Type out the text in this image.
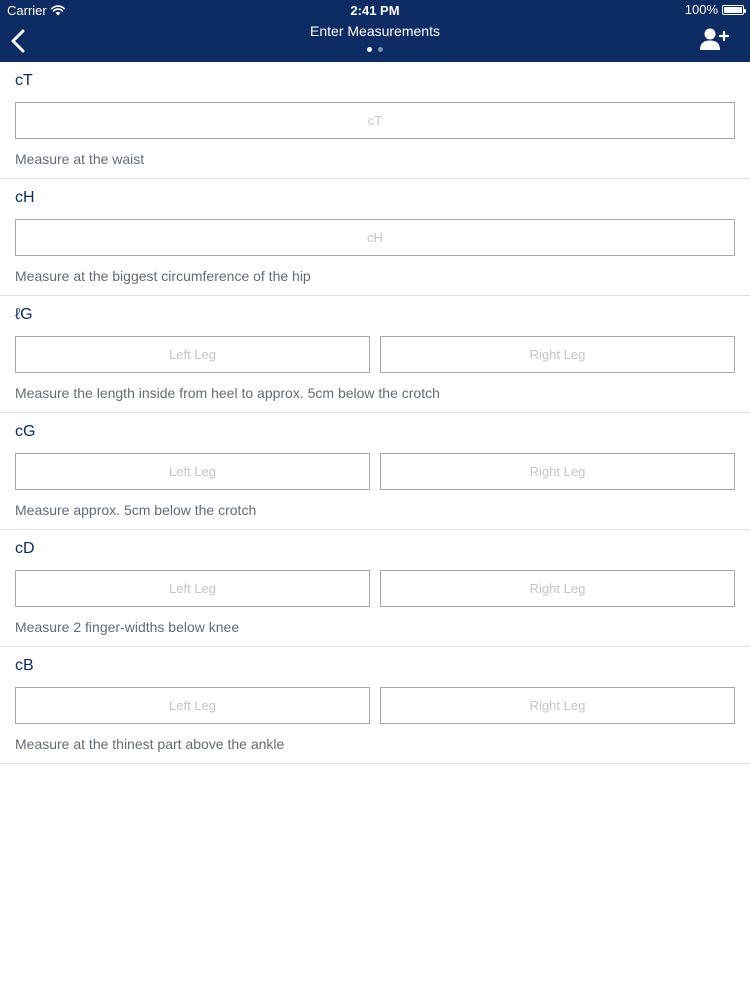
Carrier	2:41 PM	100%
Enter Measurements
cT
cT
Measure at the waist
cH
cH
Measure at the biggest circumference of the hip
ℓG
Left Leg
Right Leg
Measure the length inside from heel to approx. 5cm below the crotch
cG
Left Leg
Right Leg
Measure approx. 5cm below the crotch
cD
Left Leg
Right Leg
Measure 2 finger-widths below knee
cB
Left Leg
Right Leg
Measure at the thinest part above the ankle
